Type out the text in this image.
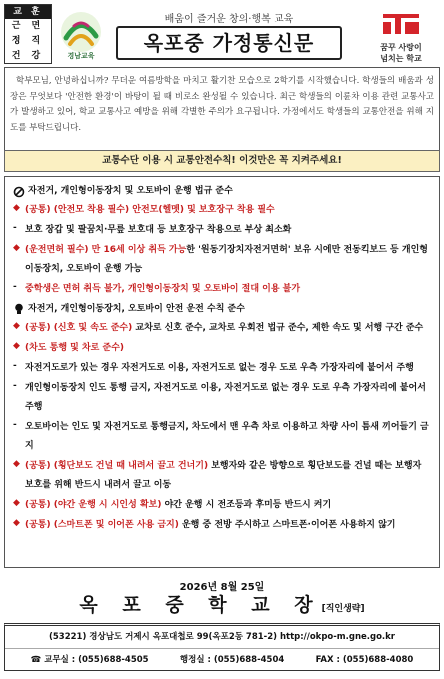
교 훈
근 면
정 직
건 강	경남교육
배움이 즐거운 창의·행복 교육
옥포중 가정통신문	꿈꾸 사랑이
넘치는 학교
학부모님, 안녕하십니까? 무더운 여름방학을 마치고 활기찬 모습으로 2학기를 시작했습니다. 학생들의 배움과 성장은 무엇보다 '안전한 환경'이 바탕이 될 때 비로소 완성될 수 있습니다. 최근 학생들의 이륜차 이용 관련 교통사고가 발생하고 있어, 학교 교통사고 예방을 위해 각별한 주의가 요구됩니다. 가정에서도 학생들의 교통안전을 위해 지도를 부탁드립니다.
교통수단 이용 시 교통안전수칙! 이것만은 꼭 지켜주세요!
자전거, 개인형이동장치 및 오토바이 운행 법규 준수
◆ (공통) (안전모 착용 필수) 안전모(헬멧) 및 보호장구 착용 필수
- 보호 장갑 및 팔꿈치·무릎 보호대 등 보호장구 착용으로 부상 최소화
◆ (운전면허 필수) 만 16세 이상 취득 가능한 '원동기장치자전거면허' 보유 시에만 전동킥보드 등 개인형이동장치, 오토바이 운행 가능
- 중학생은 면허 취득 불가, 개인형이동장치 및 오토바이 절대 이용 불가
자전거, 개인형이동장치, 오토바이 안전 운전 수칙 준수
◆ (공통) (신호 및 속도 준수) 교차로 신호 준수, 교차로 우회전 법규 준수, 제한 속도 및 서행 구간 준수
◆ (차도 통행 및 차로 준수)
- 자전거도로가 있는 경우 자전거도로 이용, 자전거도로 없는 경우 도로 우측 가장자리에 붙어서 주행
- 개인형이동장치 인도 통행 금지, 자전거도로 이용, 자전거도로 없는 경우 도로 우측 가장자리에 붙어서 주행
- 오토바이는 인도 및 자전거도로 통행금지, 차도에서 맨 우측 차로 이용하고 차량 사이 틈새 끼어들기 금지
◆ (공통) (횡단보도 건널 때 내려서 끌고 건너기) 보행자와 같은 방향으로 횡단보도를 건널 때는 보행자 보호를 위해 반드시 내려서 끌고 이동
◆ (공통) (야간 운행 시 시인성 확보) 야간 운행 시 전조등과 후미등 반드시 켜기
◆ (공통) (스마트폰 및 이어폰 사용 금지) 운행 중 전방 주시하고 스마트폰·이어폰 사용하지 않기
2026년 8월 25일
옥 포 중 학 교 장[직인생략]
(53221) 경상남도 거제시 옥포대첩로 99(옥포2동 781-2) http://okpo-m.gne.go.kr
☎ 교무실 : (055)688-4505	행정실 : (055)688-4504	FAX : (055)688-4080
